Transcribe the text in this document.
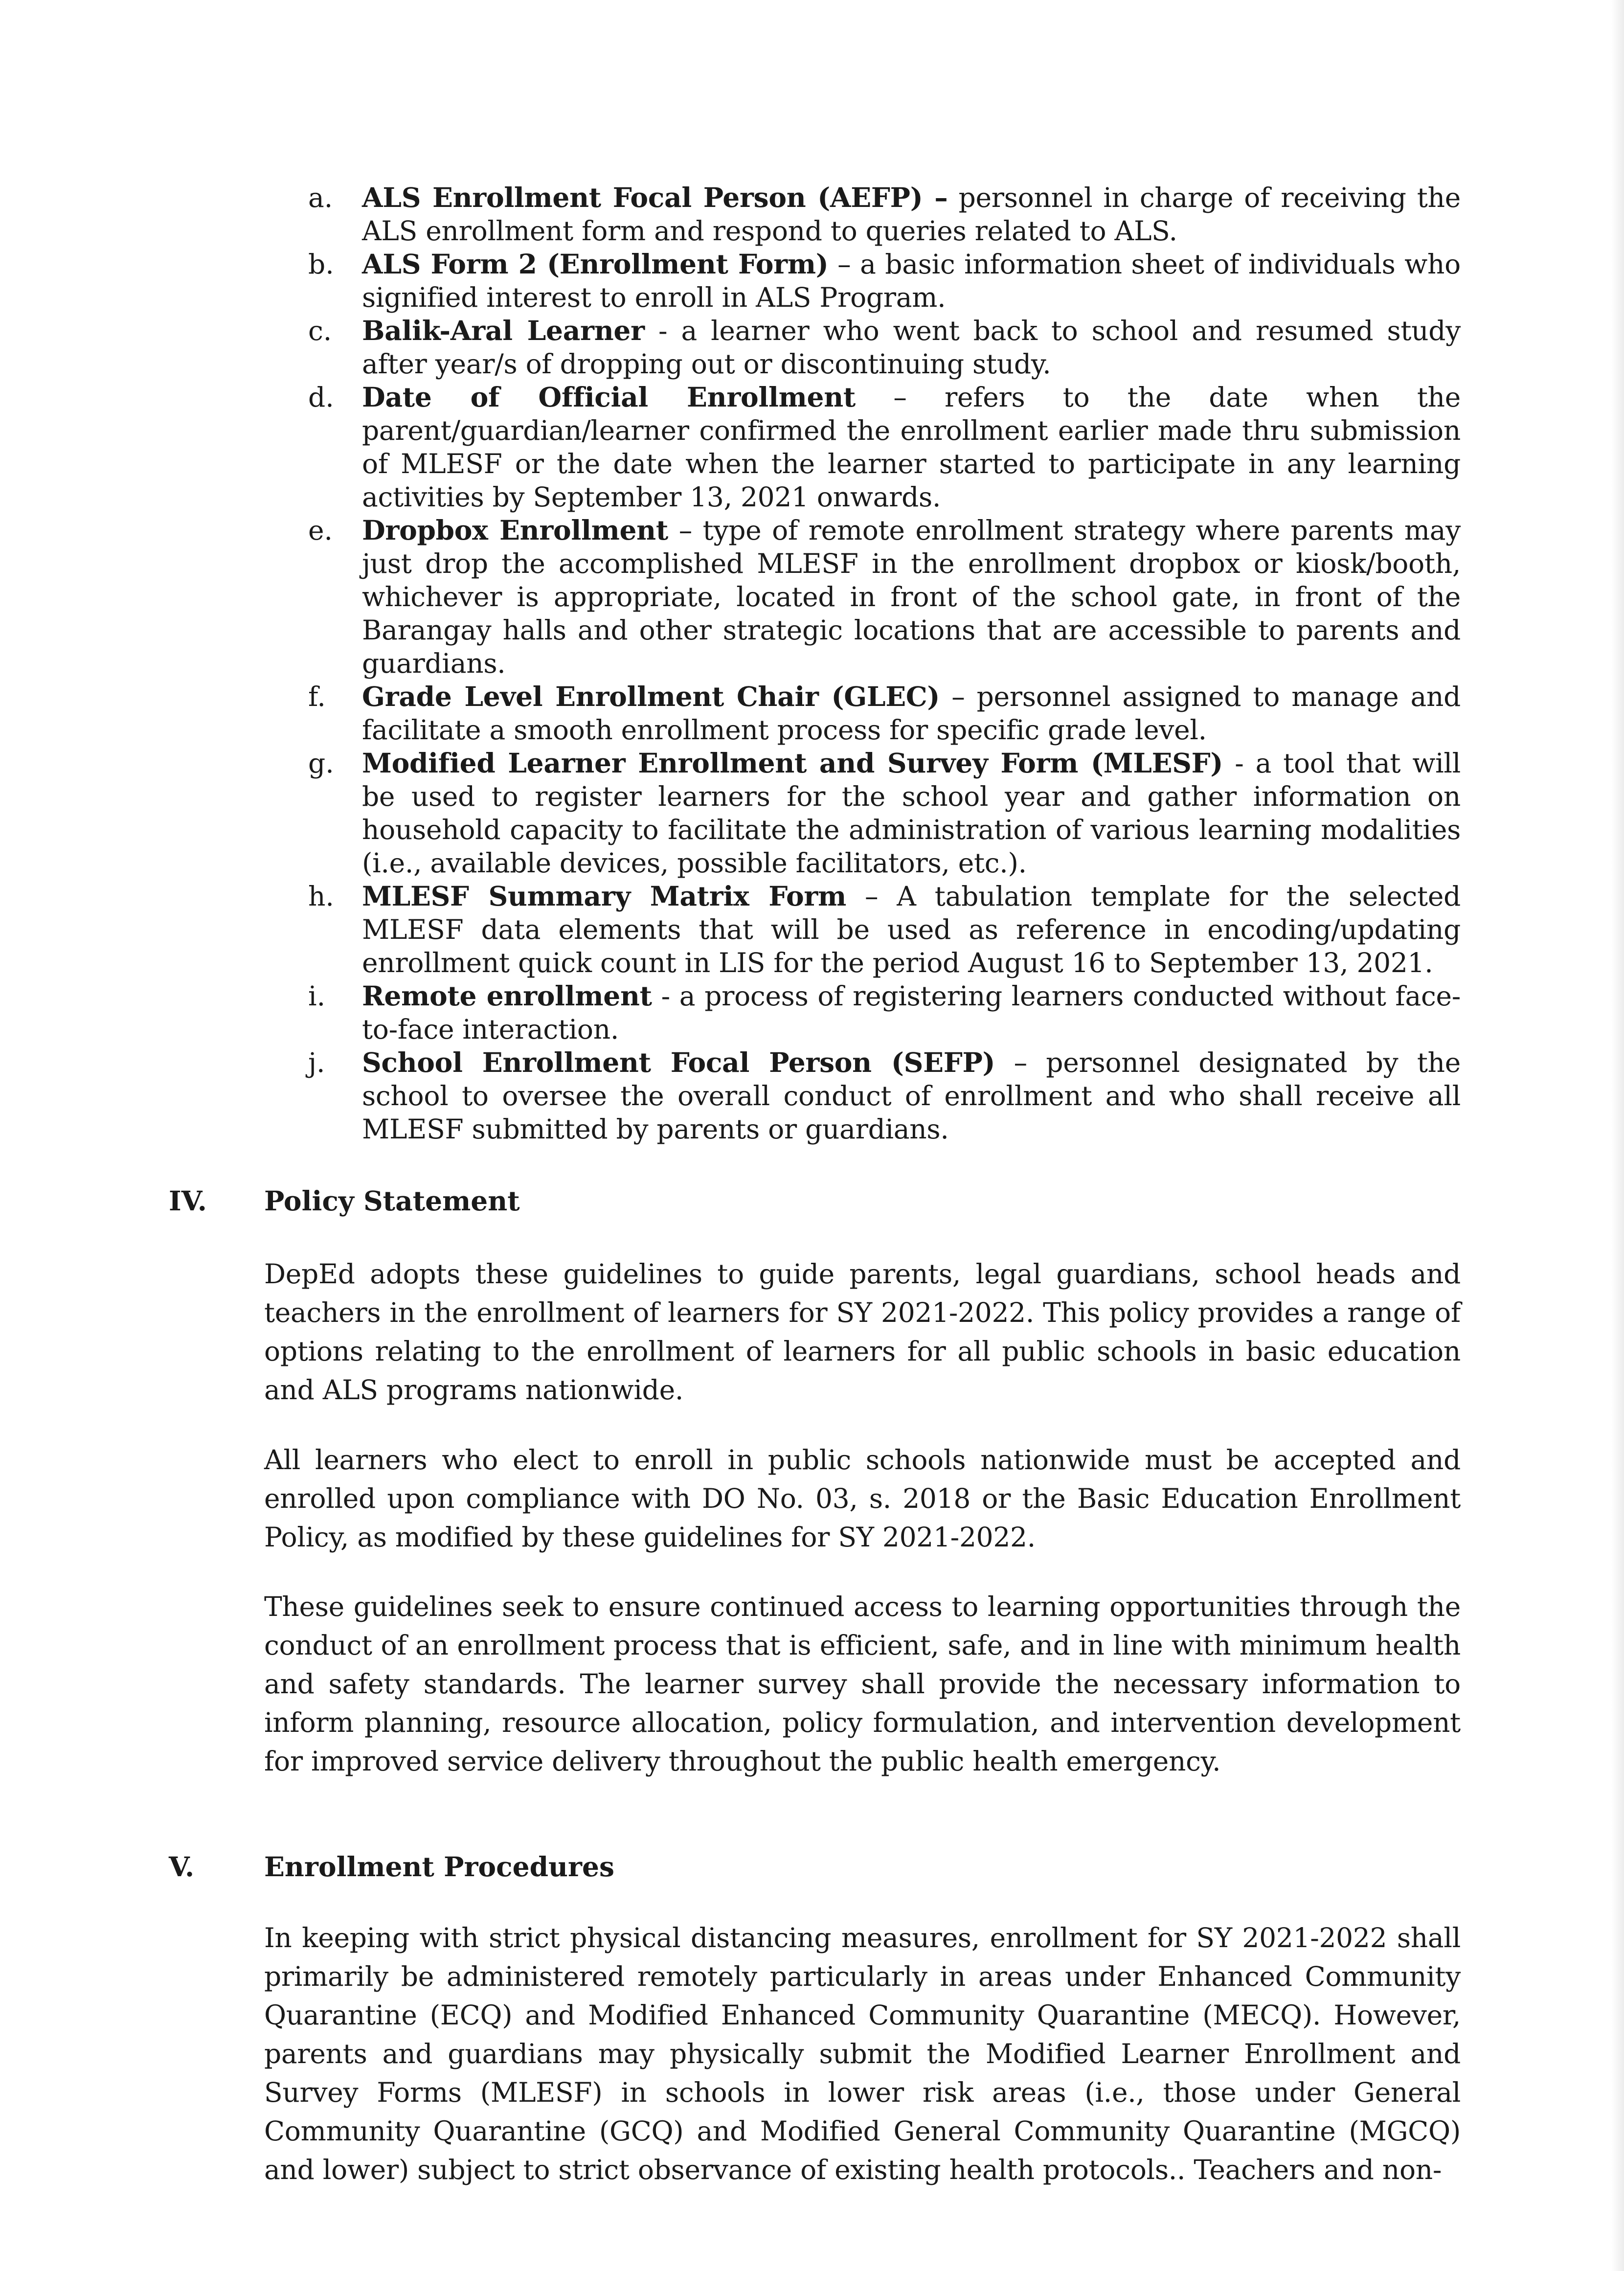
a.	ALS Enrollment Focal Person (AEFP) – personnel in charge of receiving the ALS enrollment form and respond to queries related to ALS.
b.	ALS Form 2 (Enrollment Form) – a basic information sheet of individuals who signified interest to enroll in ALS Program.
c.	Balik-Aral Learner - a learner who went back to school and resumed study after year/s of dropping out or discontinuing study.
d.	Date of Official Enrollment – refers to the date when the parent/guardian/learner confirmed the enrollment earlier made thru submission of MLESF or the date when the learner started to participate in any learning activities by September 13, 2021 onwards.
e.	Dropbox Enrollment – type of remote enrollment strategy where parents may just drop the accomplished MLESF in the enrollment dropbox or kiosk/booth, whichever is appropriate, located in front of the school gate, in front of the Barangay halls and other strategic locations that are accessible to parents and guardians.
f.	Grade Level Enrollment Chair (GLEC) – personnel assigned to manage and facilitate a smooth enrollment process for specific grade level.
g.	Modified Learner Enrollment and Survey Form (MLESF) - a tool that will be used to register learners for the school year and gather information on household capacity to facilitate the administration of various learning modalities (i.e., available devices, possible facilitators, etc.).
h.	MLESF Summary Matrix Form – A tabulation template for the selected MLESF data elements that will be used as reference in encoding/updating enrollment quick count in LIS for the period August 16 to September 13, 2021.
i.	Remote enrollment - a process of registering learners conducted without face-to-face interaction.
j.	School Enrollment Focal Person (SEFP) – personnel designated by the school to oversee the overall conduct of enrollment and who shall receive all MLESF submitted by parents or guardians.
IV. Policy Statement

DepEd adopts these guidelines to guide parents, legal guardians, school heads and teachers in the enrollment of learners for SY 2021-2022. This policy provides a range of options relating to the enrollment of learners for all public schools in basic education and ALS programs nationwide.

All learners who elect to enroll in public schools nationwide must be accepted and enrolled upon compliance with DO No. 03, s. 2018 or the Basic Education Enrollment Policy, as modified by these guidelines for SY 2021-2022.

These guidelines seek to ensure continued access to learning opportunities through the conduct of an enrollment process that is efficient, safe, and in line with minimum health and safety standards. The learner survey shall provide the necessary information to inform planning, resource allocation, policy formulation, and intervention development for improved service delivery throughout the public health emergency.

V.	Enrollment Procedures

In keeping with strict physical distancing measures, enrollment for SY 2021-2022 shall primarily be administered remotely particularly in areas under Enhanced Community Quarantine (ECQ) and Modified Enhanced Community Quarantine (MECQ). However, parents and guardians may physically submit the Modified Learner Enrollment and Survey Forms (MLESF) in schools in lower risk areas (i.e., those under General Community Quarantine (GCQ) and Modified General Community Quarantine (MGCQ) and lower) subject to strict observance of existing health protocols.. Teachers and non-
